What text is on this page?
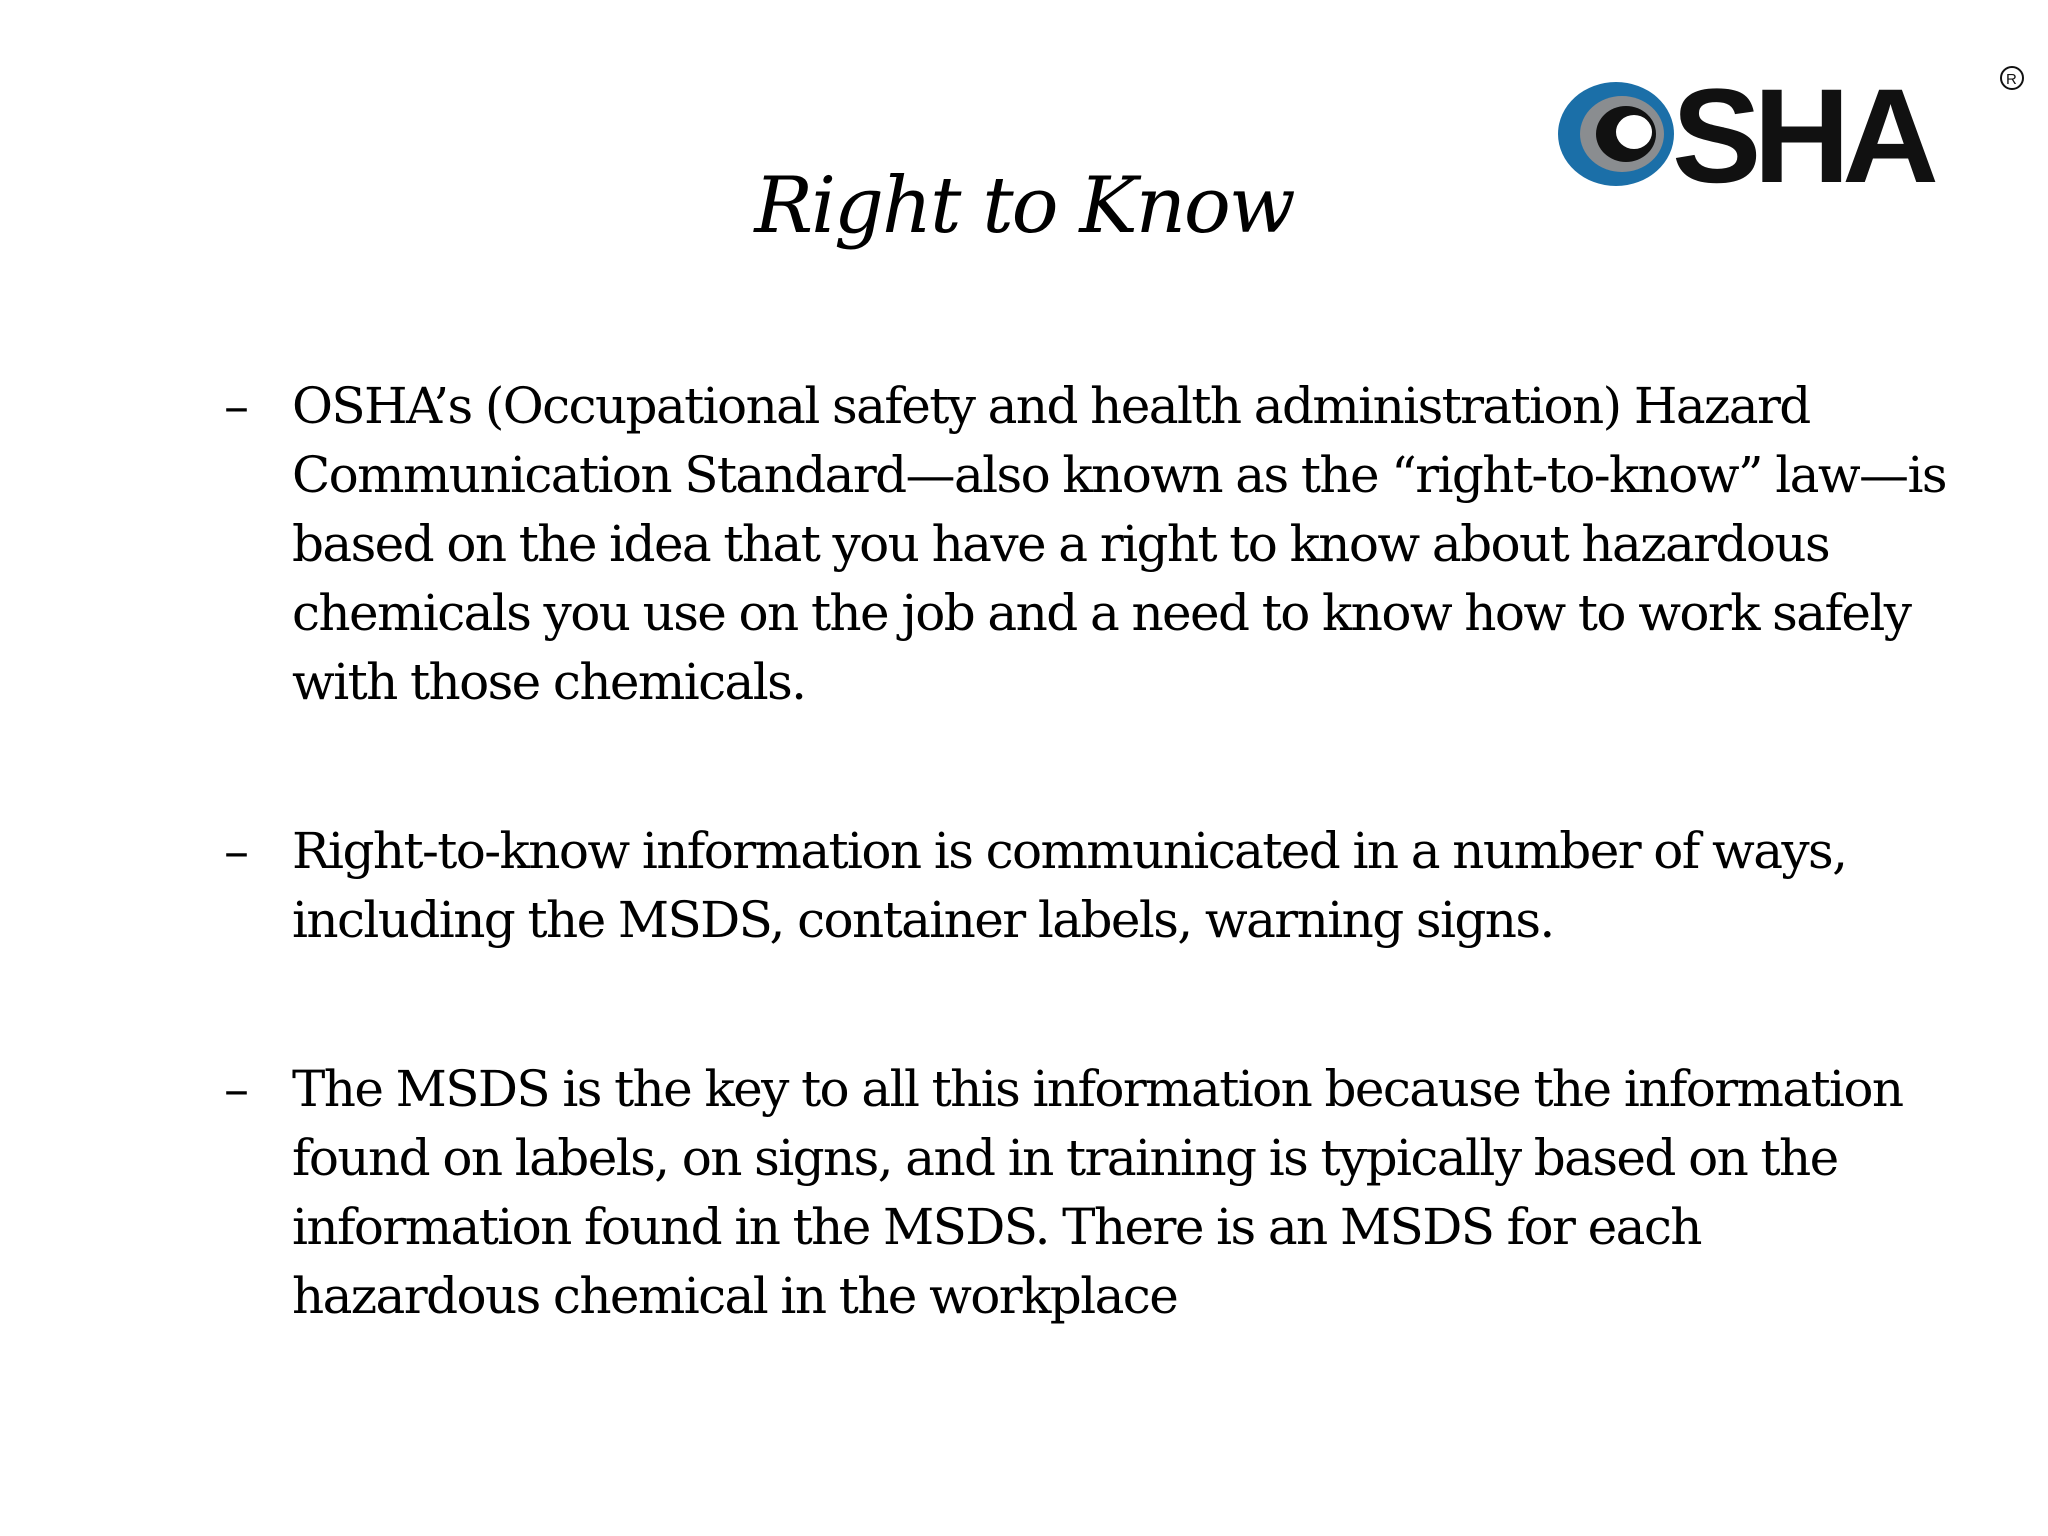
SHA	R
Right to Know
– OSHA’s (Occupational safety and health administration) Hazard Communication Standard—also known as the “right-to-know” law—is based on the idea that you have a right to know about hazardous chemicals you use on the job and a need to know how to work safely with those chemicals.
– Right-to-know information is communicated in a number of ways, including the MSDS, container labels, warning signs.
– The MSDS is the key to all this information because the information found on labels, on signs, and in training is typically based on the information found in the MSDS. There is an MSDS for each hazardous chemical in the workplace
